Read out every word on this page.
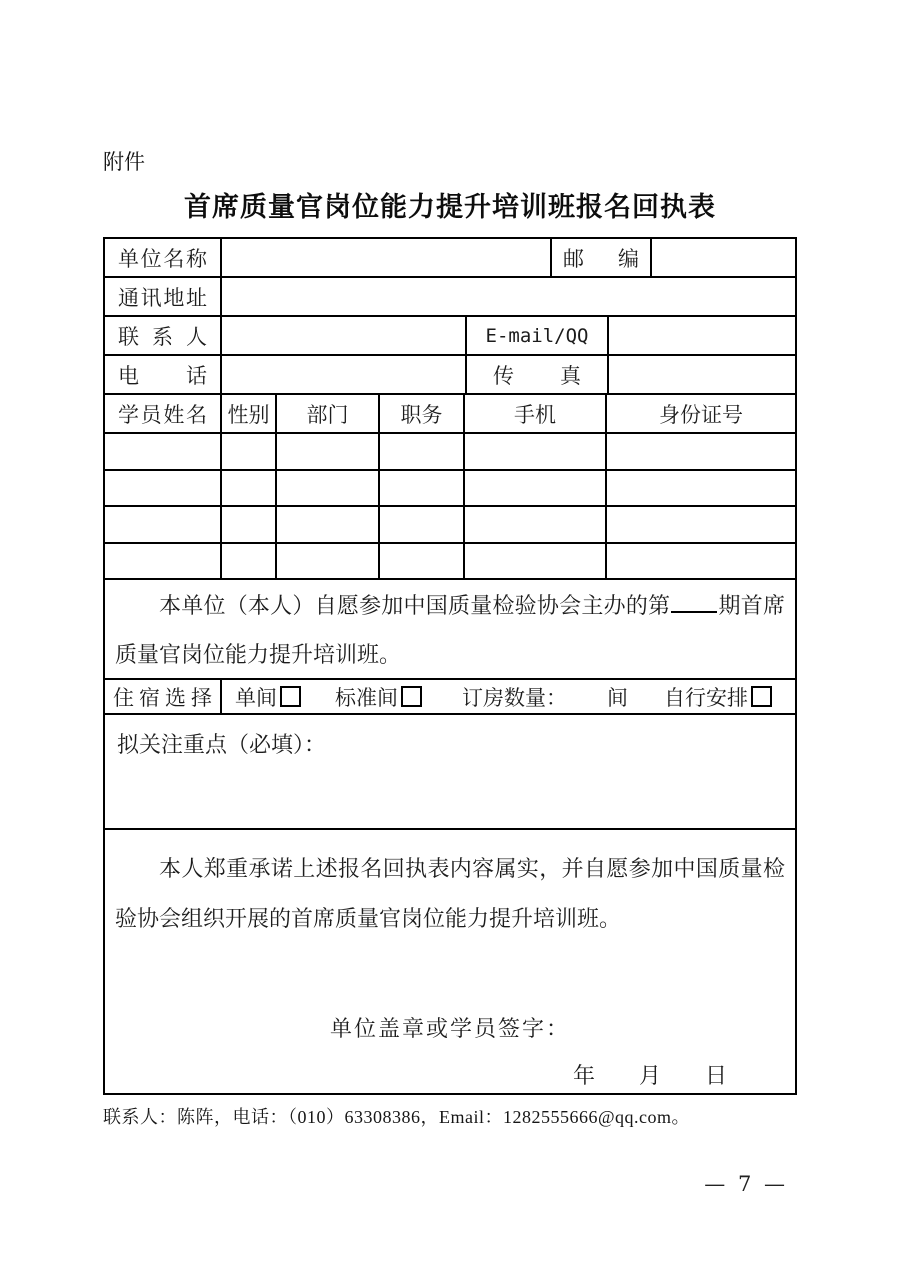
附件
首席质量官岗位能力提升培训班报名回执表
单位名称	邮编
通讯地址
联系人	E-mail/QQ
电话	传真
学员姓名 性别 部门 职务	手机	身份证号
本单位（本人）自愿参加中国质量检验协会主办的第 期首席质量官岗位能力提升培训班。
住宿选择	单间	标准间	订房数量： 间 自行安排
拟关注重点（必填）：

本人郑重承诺上述报名回执表内容属实，并自愿参加中国质量检验协会组织开展的首席质量官岗位能力提升培训班。

单位盖章或学员签字：
年　　月　　日
联系人：陈阵，电话：（010）63308386，Email：1282555666@qq.com。
— 7 —
